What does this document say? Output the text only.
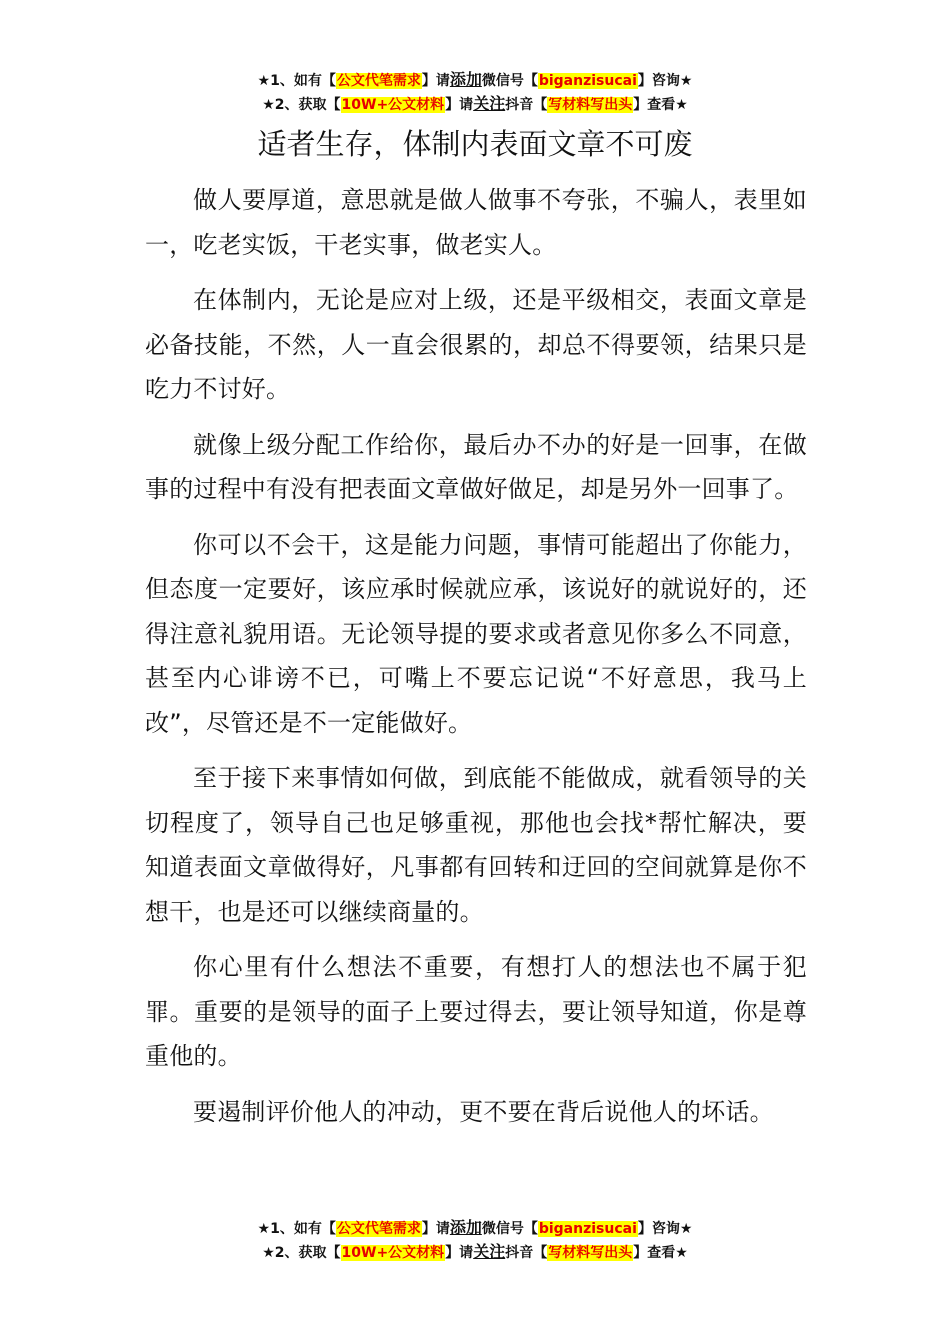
★1、如有【公文代笔需求】请添加微信号【biganzisucai】咨询★
★2、获取【10W+公文材料】请关注抖音【写材料写出头】查看★
适者生存，体制内表面文章不可废

做人要厚道，意思就是做人做事不夸张，不骗人，表里如一，吃老实饭，干老实事，做老实人。

在体制内，无论是应对上级，还是平级相交，表面文章是必备技能，不然，人一直会很累的，却总不得要领，结果只是吃力不讨好。

就像上级分配工作给你，最后办不办的好是一回事，在做事的过程中有没有把表面文章做好做足，却是另外一回事了。

你可以不会干，这是能力问题，事情可能超出了你能力，但态度一定要好，该应承时候就应承，该说好的就说好的，还得注意礼貌用语。无论领导提的要求或者意见你多么不同意，甚至内心诽谤不已，可嘴上不要忘记说“不好意思，我马上改”，尽管还是不一定能做好。

至于接下来事情如何做，到底能不能做成，就看领导的关切程度了，领导自己也足够重视，那他也会找*帮忙解决，要知道表面文章做得好，凡事都有回转和迂回的空间就算是你不想干，也是还可以继续商量的。

你心里有什么想法不重要，有想打人的想法也不属于犯罪。重要的是领导的面子上要过得去，要让领导知道，你是尊重他的。

要遏制评价他人的冲动，更不要在背后说他人的坏话。

★1、如有【公文代笔需求】请添加微信号【biganzisucai】咨询★
★2、获取【10W+公文材料】请关注抖音【写材料写出头】查看★
